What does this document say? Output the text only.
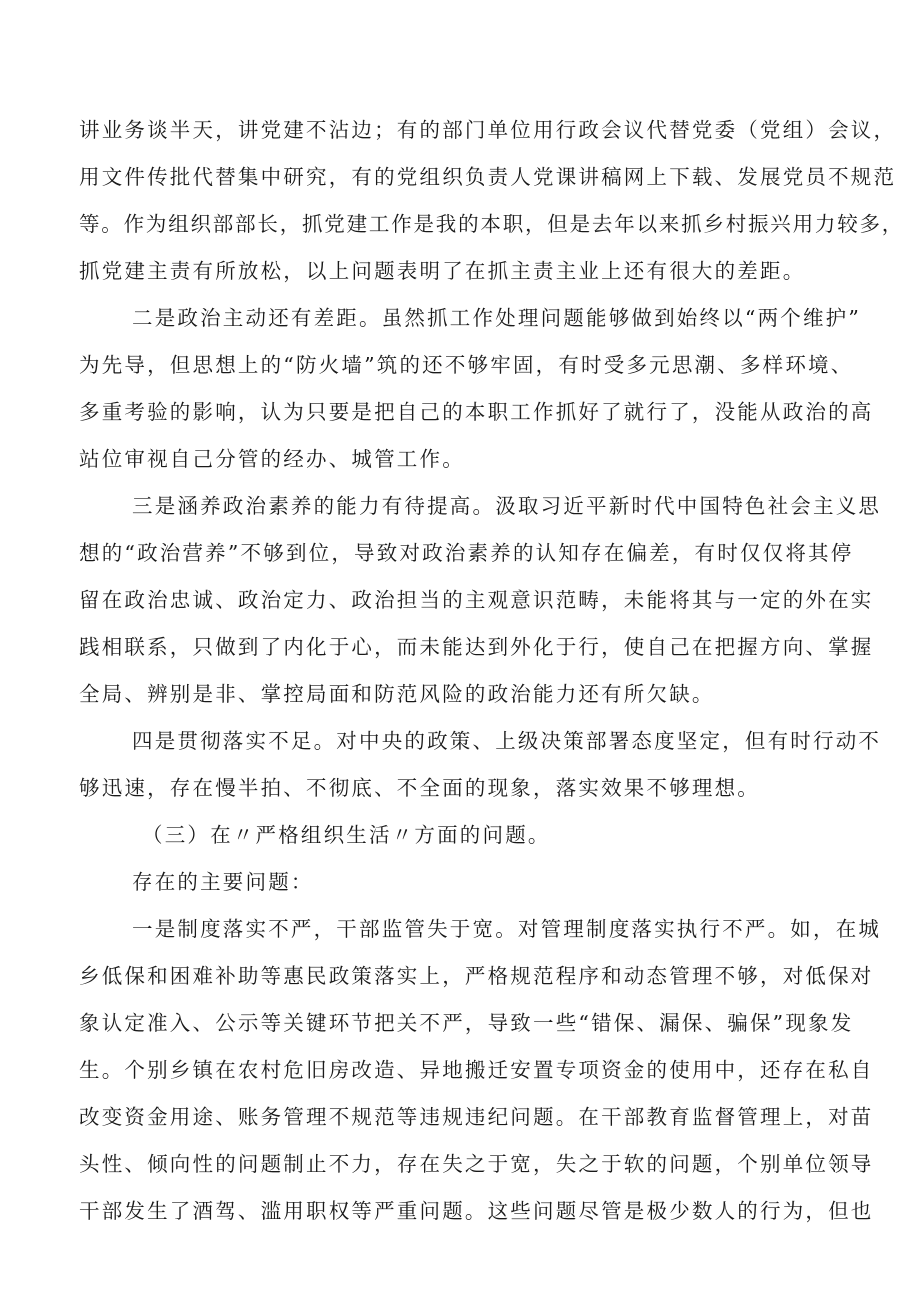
讲业务谈半天，讲党建不沾边；有的部门单位用行政会议代替党委（党组）会议，
用文件传批代替集中研究，有的党组织负责人党课讲稿网上下载、发展党员不规范
等。作为组织部部长，抓党建工作是我的本职，但是去年以来抓乡村振兴用力较多，
抓党建主责有所放松，以上问题表明了在抓主责主业上还有很大的差距。
二是政治主动还有差距。虽然抓工作处理问题能够做到始终以“两个维护”
为先导，但思想上的“防火墙”筑的还不够牢固，有时受多元思潮、多样环境、
多重考验的影响，认为只要是把自己的本职工作抓好了就行了，没能从政治的高
站位审视自己分管的经办、城管工作。
三是涵养政治素养的能力有待提高。汲取习近平新时代中国特色社会主义思
想的“政治营养”不够到位，导致对政治素养的认知存在偏差，有时仅仅将其停
留在政治忠诚、政治定力、政治担当的主观意识范畴，未能将其与一定的外在实
践相联系，只做到了内化于心，而未能达到外化于行，使自己在把握方向、掌握
全局、辨别是非、掌控局面和防范风险的政治能力还有所欠缺。
四是贯彻落实不足。对中央的政策、上级决策部署态度坚定，但有时行动不
够迅速，存在慢半拍、不彻底、不全面的现象，落实效果不够理想。
（三）在〃严格组织生活〃方面的问题。
存在的主要问题：
一是制度落实不严，干部监管失于宽。对管理制度落实执行不严。如，在城
乡低保和困难补助等惠民政策落实上，严格规范程序和动态管理不够，对低保对
象认定准入、公示等关键环节把关不严，导致一些“错保、漏保、骗保”现象发
生。个别乡镇在农村危旧房改造、异地搬迁安置专项资金的使用中，还存在私自
改变资金用途、账务管理不规范等违规违纪问题。在干部教育监督管理上，对苗
头性、倾向性的问题制止不力，存在失之于宽，失之于软的问题，个别单位领导
干部发生了酒驾、滥用职权等严重问题。这些问题尽管是极少数人的行为，但也
